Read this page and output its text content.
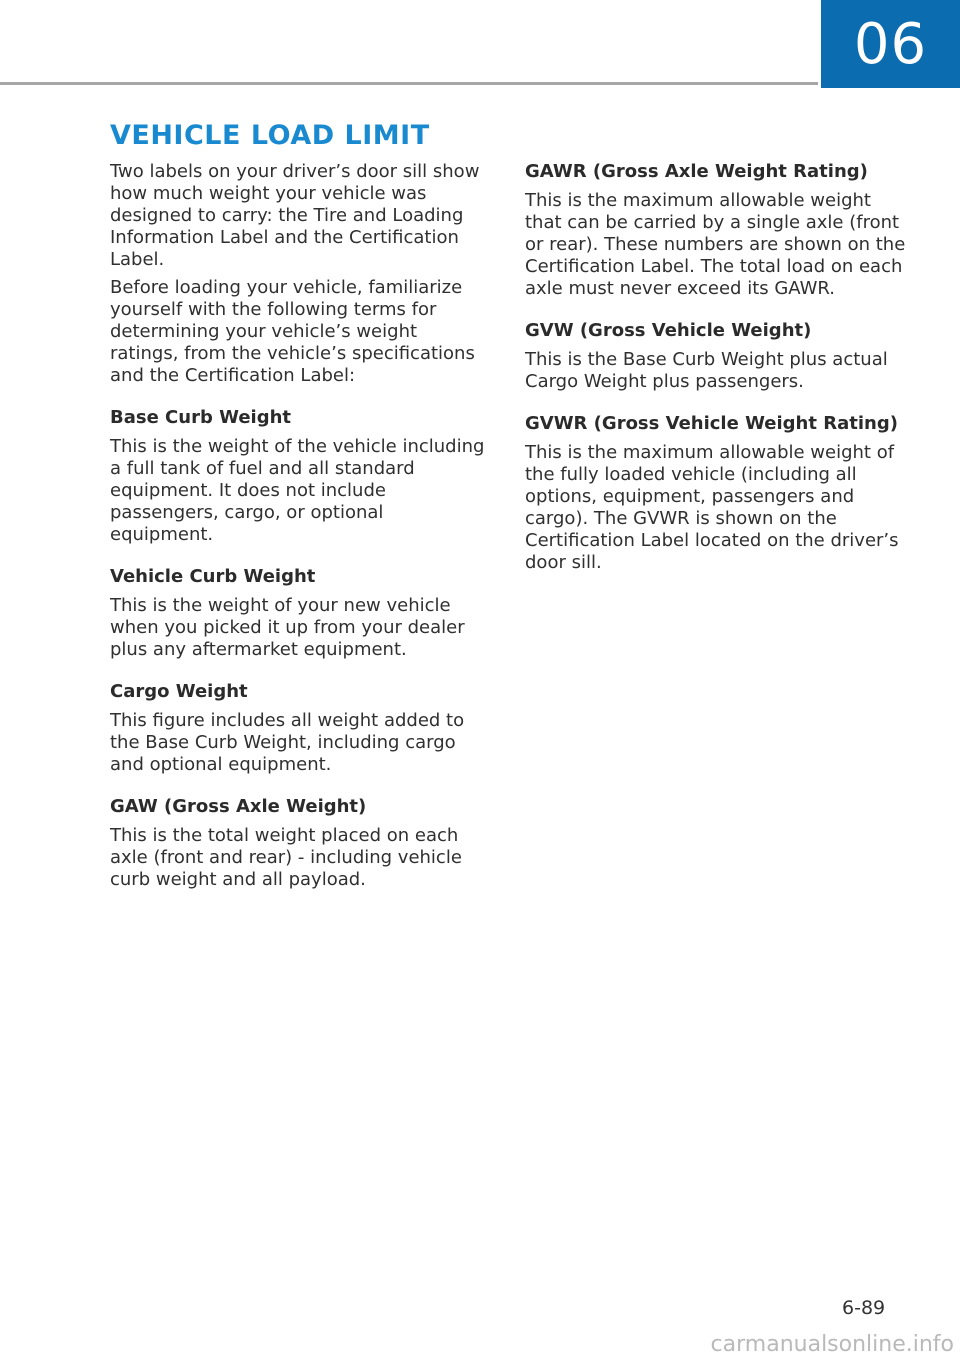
06
VEHICLE LOAD LIMIT

Two labels on your driver’s door sill show how much weight your vehicle was designed to carry: the Tire and Loading Information Label and the Certification Label.

Before loading your vehicle, familiarize yourself with the following terms for determining your vehicle’s weight ratings, from the vehicle’s specifications and the Certification Label:

Base Curb Weight

This is the weight of the vehicle including a full tank of fuel and all standard equipment. It does not include passengers, cargo, or optional equipment.

Vehicle Curb Weight

This is the weight of your new vehicle when you picked it up from your dealer plus any aftermarket equipment.

Cargo Weight

This figure includes all weight added to the Base Curb Weight, including cargo and optional equipment.

GAW (Gross Axle Weight)

This is the total weight placed on each axle (front and rear) - including vehicle curb weight and all payload.

GAWR (Gross Axle Weight Rating)

This is the maximum allowable weight that can be carried by a single axle (front or rear). These numbers are shown on the Certification Label. The total load on each axle must never exceed its GAWR.

GVW (Gross Vehicle Weight)

This is the Base Curb Weight plus actual Cargo Weight plus passengers.

GVWR (Gross Vehicle Weight Rating)

This is the maximum allowable weight of the fully loaded vehicle (including all options, equipment, passengers and cargo). The GVWR is shown on the Certification Label located on the driver’s door sill.

6-89
carmanualsonline.info
